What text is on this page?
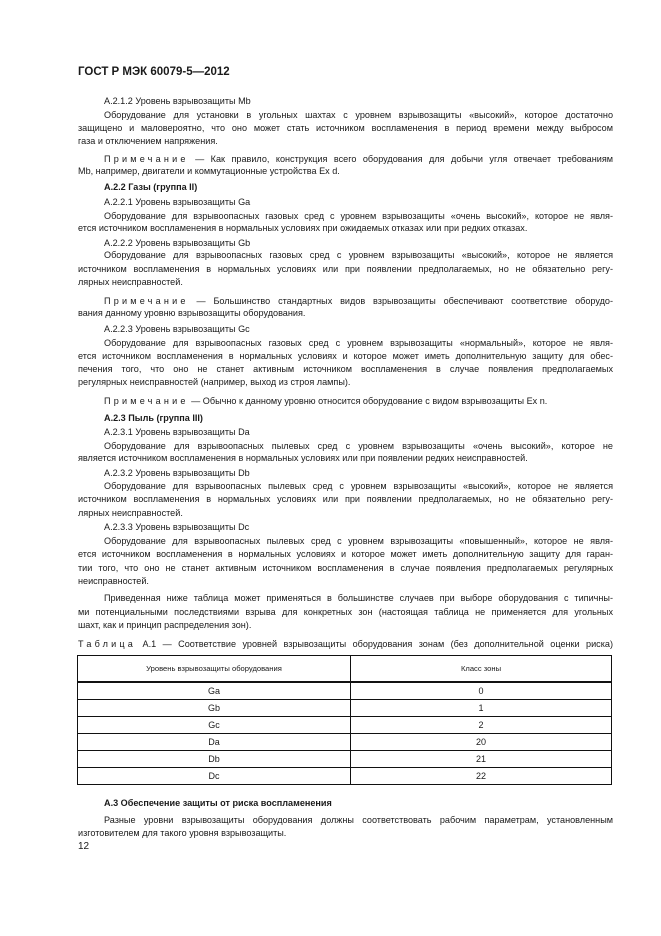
ГОСТ Р МЭК 60079-5—2012
А.2.1.2 Уровень взрывозащиты Mb
Оборудование для установки в угольных шахтах с уровнем взрывозащиты «высокий», которое достаточно
защищено и маловероятно, что оно может стать источником воспламенения в период времени между выбросом
газа и отключением напряжения.
Примечание — Как правило, конструкция всего оборудования для добычи угля отвечает требованиям
Mb, например, двигатели и коммутационные устройства Ex d.
А.2.2 Газы (группа II)
А.2.2.1 Уровень взрывозащиты Ga
Оборудование для взрывоопасных газовых сред с уровнем взрывозащиты «очень высокий», которое не явля-
ется источником воспламенения в нормальных условиях при ожидаемых отказах или при редких отказах.
А.2.2.2 Уровень взрывозащиты Gb
Оборудование для взрывоопасных газовых сред с уровнем взрывозащиты «высокий», которое не является
источником воспламенения в нормальных условиях или при появлении предполагаемых, но не обязательно регу-
лярных неисправностей.
Примечание — Большинство стандартных видов взрывозащиты обеспечивают соответствие оборудо-
вания данному уровню взрывозащиты оборудования.
А.2.2.3 Уровень взрывозащиты Gc
Оборудование для взрывоопасных газовых сред с уровнем взрывозащиты «нормальный», которое не явля-
ется источником воспламенения в нормальных условиях и которое может иметь дополнительную защиту для обес-
печения того, что оно не станет активным источником воспламенения в случае появления предполагаемых
регулярных неисправностей (например, выход из строя лампы).
Примечание — Обычно к данному уровню относится оборудование с видом взрывозащиты Ex n.
А.2.3 Пыль (группа III)
А.2.3.1 Уровень взрывозащиты Da
Оборудование для взрывоопасных пылевых сред с уровнем взрывозащиты «очень высокий», которое не
является источником воспламенения в нормальных условиях или при появлении редких неисправностей.
А.2.3.2 Уровень взрывозащиты Db
Оборудование для взрывоопасных пылевых сред с уровнем взрывозащиты «высокий», которое не является
источником воспламенения в нормальных условиях или при появлении предполагаемых, но не обязательно регу-
лярных неисправностей.
А.2.3.3 Уровень взрывозащиты Dc
Оборудование для взрывоопасных пылевых сред с уровнем взрывозащиты «повышенный», которое не явля-
ется источником воспламенения в нормальных условиях и которое может иметь дополнительную защиту для гаран-
тии того, что оно не станет активным источником воспламенения в случае появления предполагаемых регулярных
неисправностей.
Приведенная ниже таблица может применяться в большинстве случаев при выборе оборудования с типичны-
ми потенциальными последствиями взрыва для конкретных зон (настоящая таблица не применяется для угольных
шахт, как и принцип распределения зон).
Таблица А.1 — Соответствие уровней взрывозащиты оборудования зонам (без дополнительной оценки риска)
А.3 Обеспечение защиты от риска воспламенения
Разные уровни взрывозащиты оборудования должны соответствовать рабочим параметрам, установленным
изготовителем для такого уровня взрывозащиты.
Уровень взрывозащиты оборудования	Класс зоны
Ga	0
Gb	1
Gc	2
Da	20
Db	21
Dc	22
12
